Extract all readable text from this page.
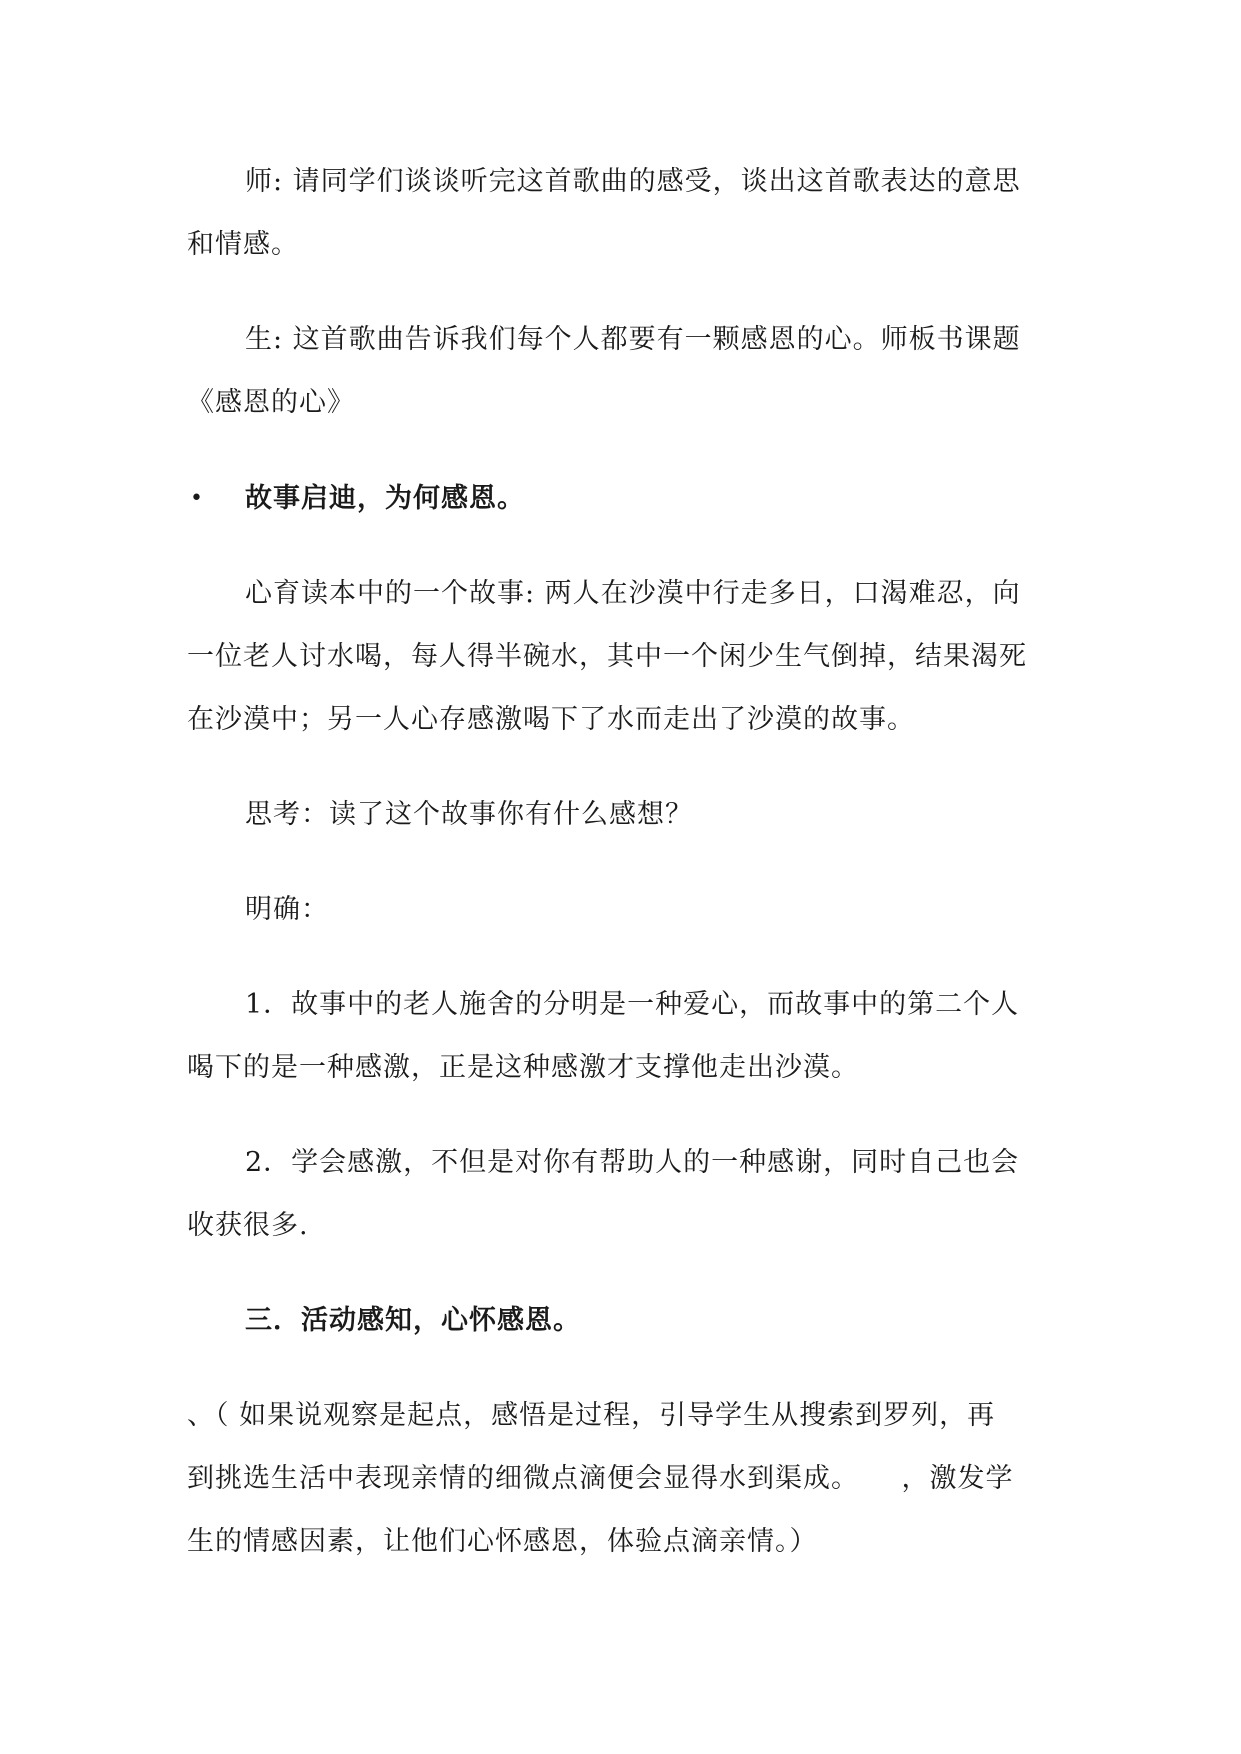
师: 请同学们谈谈听完这首歌曲的感受，谈出这首歌表达的意思
和情感。
生: 这首歌曲告诉我们每个人都要有一颗感恩的心。师板书课题
《感恩的心》
• 故事启迪，为何感恩。
心育读本中的一个故事: 两人在沙漠中行走多日，口渴难忍，向
一位老人讨水喝，每人得半碗水，其中一个闲少生气倒掉，结果渴死
在沙漠中；另一人心存感激喝下了水而走出了沙漠的故事。
思考：读了这个故事你有什么感想？
明确：
1．故事中的老人施舍的分明是一种爱心，而故事中的第二个人
喝下的是一种感激，正是这种感激才支撑他走出沙漠。
2．学会感激，不但是对你有帮助人的一种感谢，同时自己也会
收获很多.
三．活动感知，心怀感恩。
、（ 如果说观察是起点，感悟是过程，引导学生从搜索到罗列，再
到挑选生活中表现亲情的细微点滴便会显得水到渠成。　　，激发学
生的情感因素，让他们心怀感恩，体验点滴亲情。）
